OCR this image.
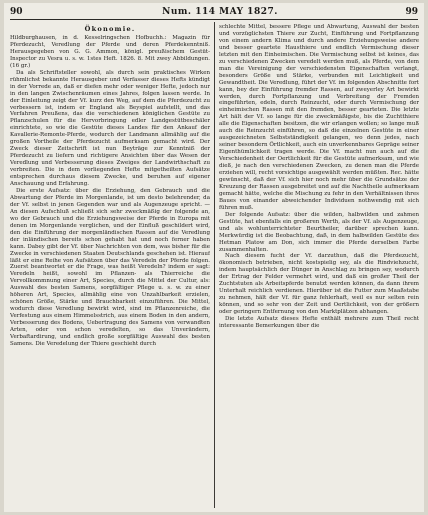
90	Num. 114 MAY 1827.	99
Ökonomie.

Hildburghausen, in d. Kesselringschen Hofbuchh.: Magazin für Pferdezucht, Veredlung der Pferde und deren Pferdekenntniß. Herausgegeben von G. G. Ammon, königl. preußischem Gestüt-Inspector zu Vesra u. s. w. 1stes Heft. 1826. 8. Mit zwey Abbildungen. (16 gr.)

Da als Schriftsteller sowohl, als durch sein praktisches Wirken rühmlichst bekannte Herausgeber und Verfasser dieses Hefts kündigt in der Vorrede an, daß er diefen mehr oder weniger Hefte, jedoch nur in den langen Zwischenräumen eines Jahres, folgen lassen werde. In der Einleitung zeigt der Vf. kurz den Weg, auf dem die Pferdezucht zu verbessern ist, indem er England als Beyspiel aufstellt, und das Verfahren Preußens, das die verschiedenen königlichen Gestüte zu Pflanzschulen für die Hervorbringung edler Landgestütbeschäler einrichtete, so wie die Gestüte dieses Landes für den Ankauf der Kavallerie-Remonte-Pferde, wodurch der Landmann allmählig auf die großen Vortheile der Pferdezucht aufmerksam gemacht wird. Der Zweck dieser Zeitschrift ist nun Beyträge zur Kenntniß der Pferdezucht zu liefern und richtigere Ansichten über das Wesen der Veredlung und Verbesserung dieses Zweiges der Landwirthschaft zu verbreiten. Die in dem vorliegenden Hefte mitgetheilten Aufsätze entsprechen durchaus diesem Zwecke, und beruhen auf eigener Anschauung und Erfahrung.

Die erste Aufsatz: über die Erziehung, den Gebrauch und die Abwartung der Pferde im Morgenlande, ist um desto belehrender, da der Vf. selbst in jenen Gegenden war und als Augenzeuge spricht. — An diesen Aufschluß schließt sich sehr zweckmäßig der folgende an, wo der Gebrauch und die Erziehungsweise der Pferde in Europa mit denen im Morgenlande verglichen, und der Einfluß geschildert wird, den die Einführung der morgenländischen Rassen auf die Veredlung der inländischen bereits schon gehabt hat und noch ferner haben kann. Dabey gibt der Vf. über Nachrichten von dem, was bisher für die Zwecke in verschiedenen Staaten Deutschlands geschehen ist. Hierauf läßt er eine Reihe von Aufsätzen über das Veredeln der Pferde folgen. Zuerst beantwortet er die Frage, was heißt Veredeln? indem er sagt: Veredeln heißt, sowohl im Pflanzen- als Thierreiche die Vervollkommnung einer Art, Species, durch die Mittel der Cultur, als: Auswahl des besten Samens, sorgfältiger Pflege u. s. w. zu einer höheren Art, Species, allmählig eine von Unzahlbarkeit erzielen, schönen Größe, Stärke und Brauchbarkeit einzuführen. Die Mittel, wodurch diese Veredlung bewirkt wird, sind im Pflanzenreiche, die Verfestung aus einem Himmelsstrich, aus einem Boden in den andern, Verbesserung des Bodens, Uebertragung des Samens von verwandten Arten, oder von schon veredelten, so das Unverändern, Verbaftardirung, und endlich große sorgfältige Auswahl des besten Samens. Die Veredelung der Thiere geschieht durch

schlechte Mittel, bessere Pflege und Abwartung, Auswahl der besten und vorzüglichsten Thiere zur Zucht, Einführung und Fortpflanzung von einem andern Klima und durch andere Erziehungsweise andere und besser geartete Hausthiere und endlich Vermischung dieser letzten mit den Einheimischen. Die Vermischung selbst ist keines, das zu verschiedenen Zwecken veredelt werden muß, als Pferde, von dem man die Vereinigung der verschiedensten Eigenschaften verlangt, besonders Größe und Stärke, verbunden mit Leichtigkeit und Gewandtheit. Die Veredlung, führt der Vf. im folgenden Abschnitte fort kann, bey der Einführung fremder Rassen, auf zweyerley Art bewirkt werden, durch Fortpflanzung und Verbreitung der Fremden eingeführten, edeln, durch Reinzucht, oder durch Vermischung der einheimischen Rassen mit den fremden, besser gearteten. Die letzte Art hält der Vf. so lange für die zweckmäßigste, bis die Zuchtthiere alle die Eigenschaften besitzen, die wir erlangen wollen; so lange muß auch die Reinzucht einführen, so daß die einzelnen Gestüte in einer ausgezeichneten Selbstständigkeit gelangen, wo denn jedes, nach seiner besondern Örtlichkeit, auch ein unverkennbares Gepräge seiner Eigenthümlichkeit tragen werde. Die Vf. macht nun auch auf die Verschiedenheit der Oertlichkeit für die Gestüte aufmerksam, und wie dieß, je nach den verschiedenen Zwecken, zu denen man die Pferde erziehen will, recht vorsichtige ausgewählt werden müßten. Rec. hätte gewünscht, daß der Vf. sich hier noch mehr über die Grundsätze der Kreuzung der Rassen ausgebreitet und auf die Nachtheile aufmerksam gemacht hätte, welche die Mischung zu fehr in den Verhältnissen ihres Baues von einander abweichender Individuen nothwendig mit sich führen muß.

Der folgende Aufsatz: über die wilden, halbwilden und zahmen Gestüte, hat ebenfalls ein großeren Werth, als der Vf. als Augenzeuge, und als wohlunterrichteter Beurtheiler, darüber sprechen kann. Merkwürdig ist die Beobachtung, daß, in dem halbwilden Gestüte des Hetman Platow am Don, sich immer die Pferde derselben Farbe zusammenhalten.

Nach diesem fucht der Vf. darzuthun, daß die Pferdezucht, ökonomisch betrieben, nicht kostspielig sey, als die Rindviehzucht, indem hauptsächlich der Dünger in Anschlag zu bringen sey, wodurch der Ertrag der Felder vermehrt wird, und daß ein großer Theil der Zuchtstuten als Arbeitspferde benutzt werden können, da dann ihrem Unterhalt reichlich verdienen. Hierüber ist die Futter zum Maaßstabe zu nehmen, hält der Vf. für ganz fehlerhaft, weil es nur selten rein können, und so sehr von der Zeit und Oertlichkeit, von der größern oder geringern Entfernung von den Marktplätzen abhangen.

Die letzte Aufsatz dieses Hefte enthält mehrere zum Theil recht interessante Bemerkungen über die
